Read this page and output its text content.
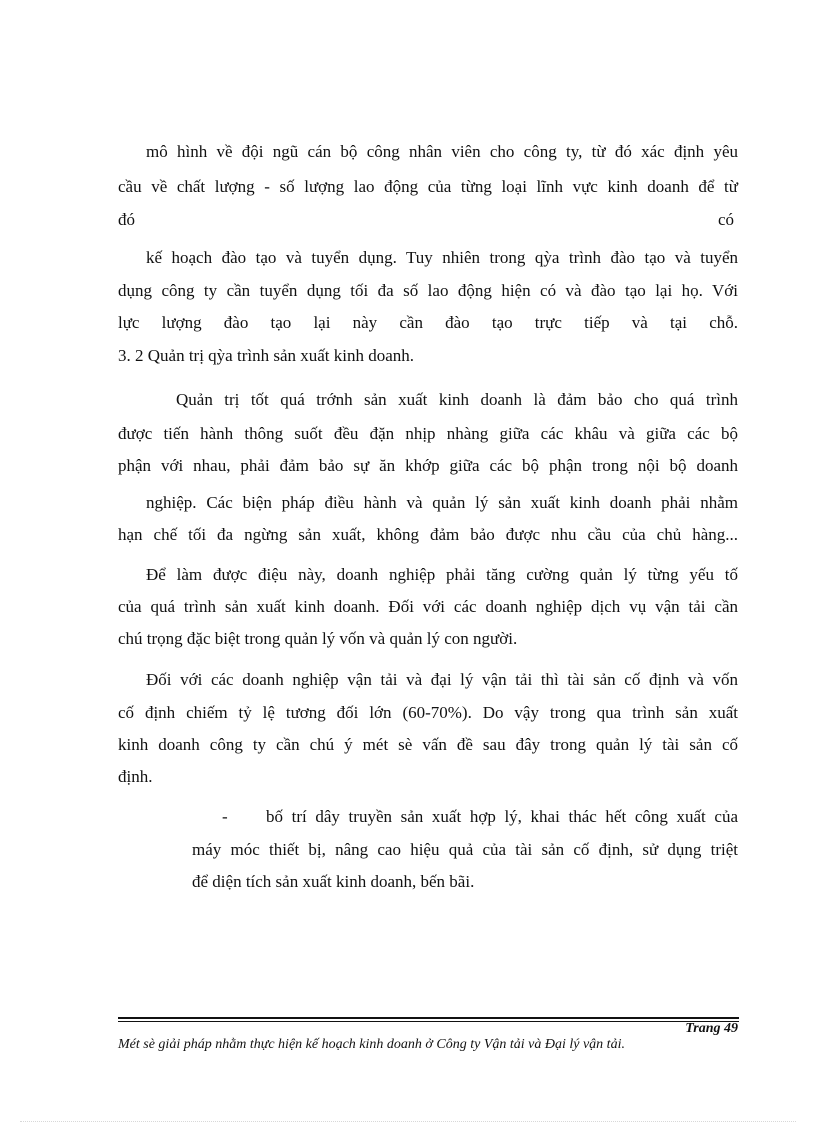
mô hình về đội ngũ cán bộ công nhân viên cho công ty, từ đó xác định yêu
cầu về chất lượng - số lượng lao động của từng loại lĩnh vực kinh doanh để từ
đó	có
kế hoạch đào tạo và tuyển dụng. Tuy nhiên trong qỳa trình đào tạo và tuyển
dụng công ty cần tuyển dụng tối đa số lao động hiện có và đào tạo lại họ. Với
lực lượng đào tạo lại này cần đào tạo trực tiếp và tại chỗ.
3. 2 Quản trị qỳa trình sản xuất kinh doanh.
Quản trị tốt quá trớnh sản xuất kinh doanh là đảm bảo cho quá trình
được tiến hành thông suốt đều đặn nhịp nhàng giữa các khâu và giữa các bộ
phận với nhau, phải đảm bảo sự ăn khớp giữa các bộ phận trong nội bộ doanh
nghiệp. Các biện pháp điều hành và quản lý sản xuất kinh doanh phải nhằm
hạn chế tối đa ngừng sản xuất, không đảm bảo được nhu cầu của chủ hàng...
Để làm được điệu này, doanh nghiệp phải tăng cường quản lý từng yếu tố
của quá trình sản xuất kinh doanh. Đối với các doanh nghiệp dịch vụ vận tải cần
chú trọng đặc biệt trong quản lý vốn và quản lý con người.
Đối với các doanh nghiệp vận tải và đại lý vận tải thì tài sản cố định và vốn
cố định chiếm tỷ lệ tương đối lớn (60-70%). Do vậy trong qua trình sản xuất
kinh doanh công ty cần chú ý mét sè vấn đề sau đây trong quản lý tài sản cố
định.
- bố trí dây truyền sản xuất hợp lý, khai thác hết công xuất của
máy móc thiết bị, nâng cao hiệu quả của tài sản cố định, sử dụng triệt
để diện tích sản xuất kinh doanh, bến bãi.
Trang 49
Mét sè giải pháp nhằm thực hiện kế hoạch kinh doanh ở Công ty Vận tải và Đại lý vận tải.
